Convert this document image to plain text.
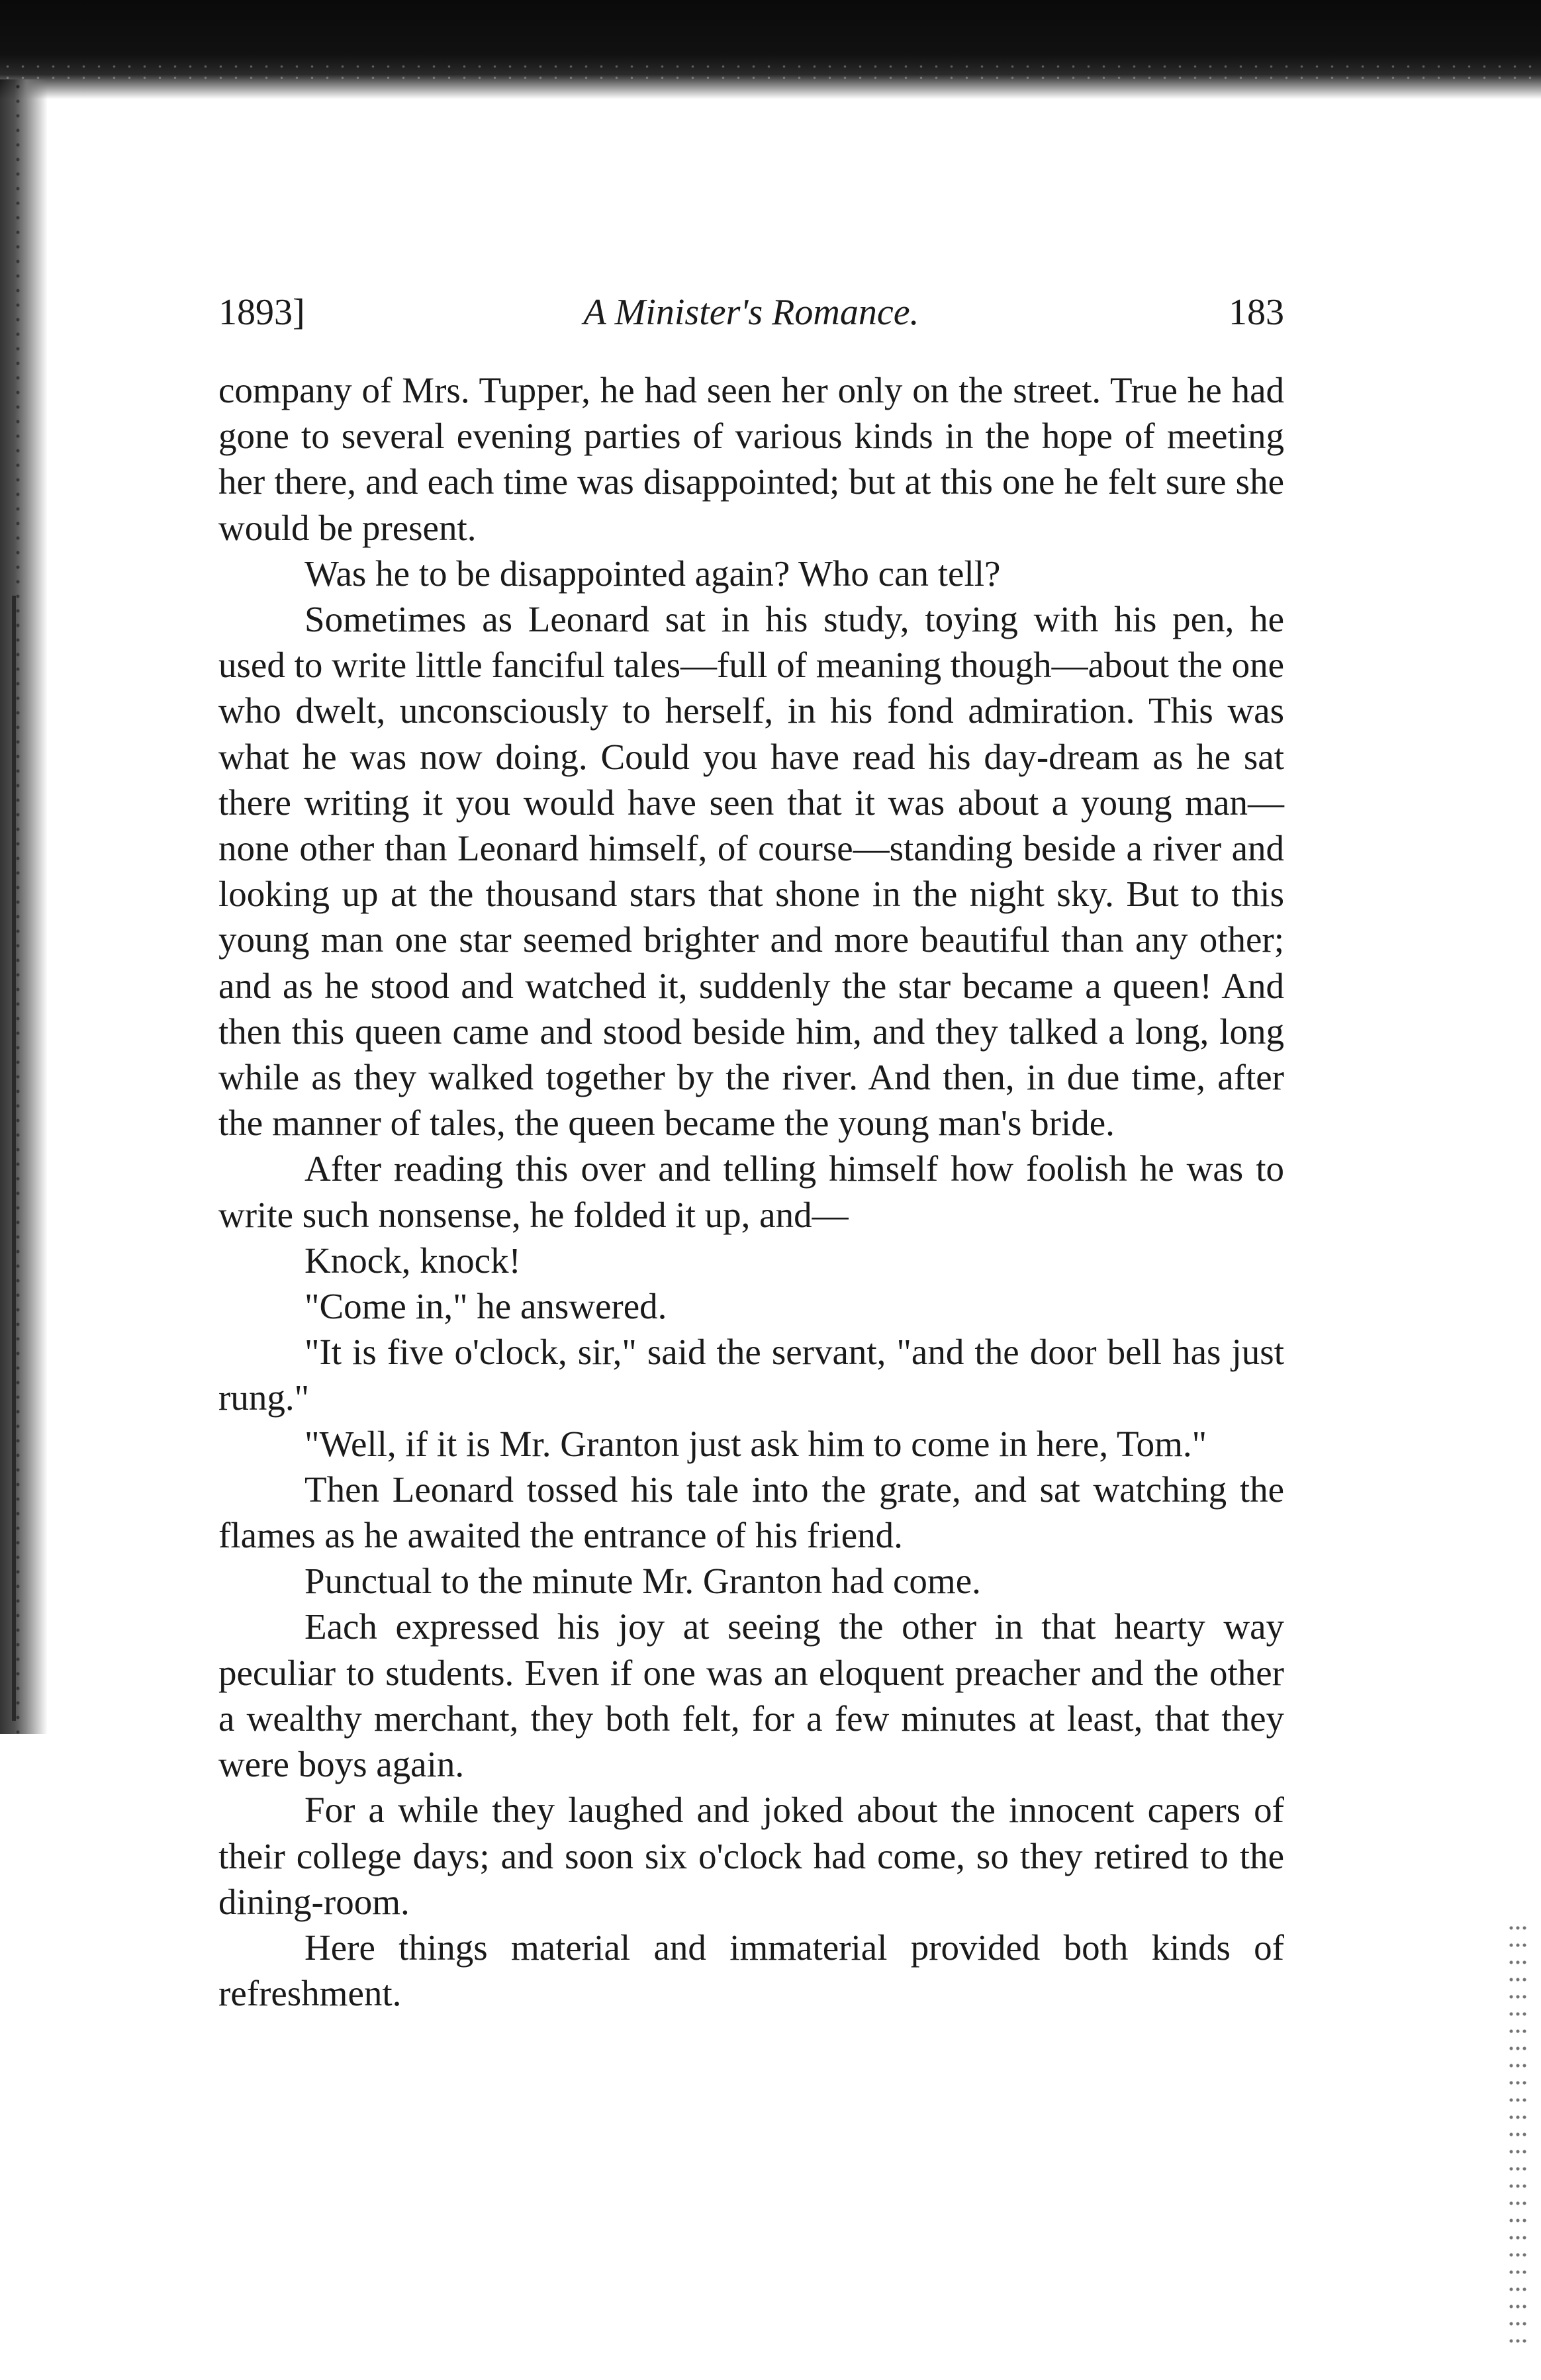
1893]	A Minister's Romance.	183

company of Mrs. Tupper, he had seen her only on the street. True he had gone to several evening parties of various kinds in the hope of meeting her there, and each time was disappointed; but at this one he felt sure she would be present.

Was he to be disappointed again? Who can tell?

Sometimes as Leonard sat in his study, toying with his pen, he used to write little fanciful tales—full of meaning though—about the one who dwelt, unconsciously to herself, in his fond admiration. This was what he was now doing. Could you have read his day-dream as he sat there writing it you would have seen that it was about a young man—none other than Leonard himself, of course—standing beside a river and looking up at the thousand stars that shone in the night sky. But to this young man one star seemed brighter and more beautiful than any other; and as he stood and watched it, suddenly the star became a queen! And then this queen came and stood beside him, and they talked a long, long while as they walked together by the river. And then, in due time, after the manner of tales, the queen became the young man's bride.

After reading this over and telling himself how foolish he was to write such nonsense, he folded it up, and—

Knock, knock!

"Come in," he answered.

"It is five o'clock, sir," said the servant, "and the door bell has just rung."

"Well, if it is Mr. Granton just ask him to come in here, Tom."

Then Leonard tossed his tale into the grate, and sat watching the flames as he awaited the entrance of his friend.

Punctual to the minute Mr. Granton had come.

Each expressed his joy at seeing the other in that hearty way peculiar to students. Even if one was an eloquent preacher and the other a wealthy merchant, they both felt, for a few minutes at least, that they were boys again.

For a while they laughed and joked about the innocent capers of their college days; and soon six o'clock had come, so they retired to the dining-room.

Here things material and immaterial provided both kinds of refreshment.
